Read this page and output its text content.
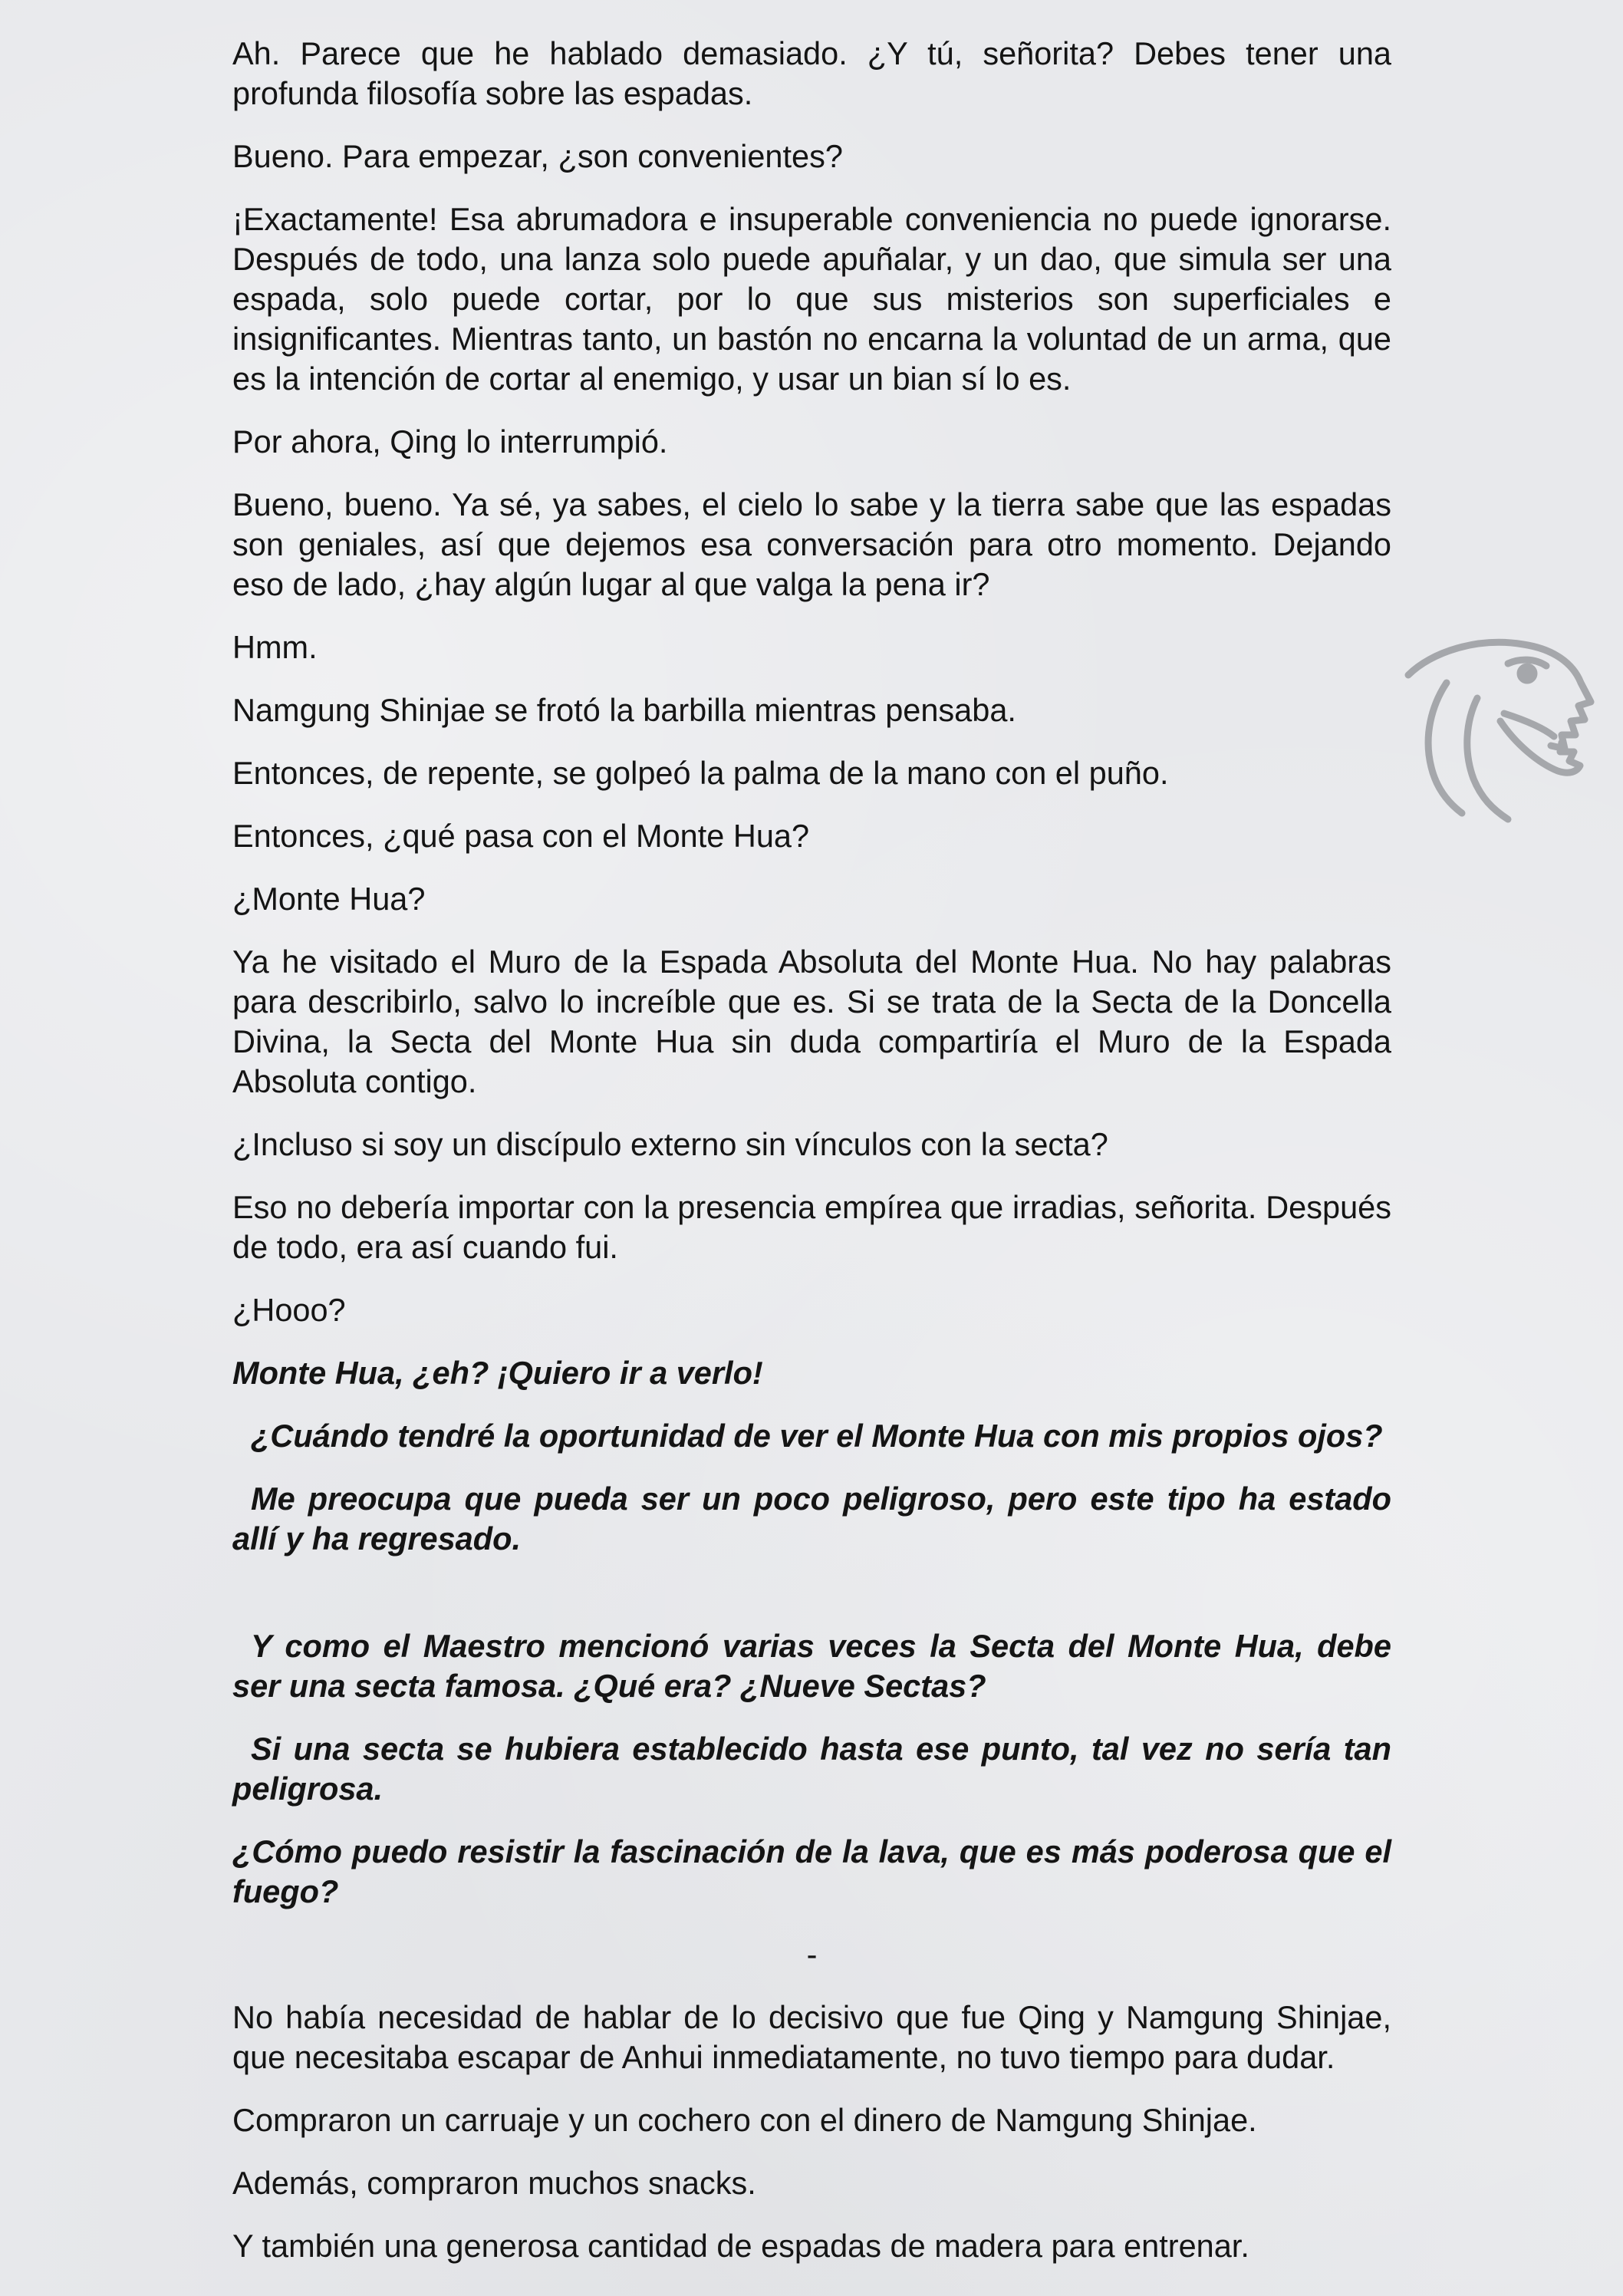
Ah. Parece que he hablado demasiado. ¿Y tú, señorita? Debes tener una profunda filosofía sobre las espadas.

Bueno. Para empezar, ¿son convenientes?

¡Exactamente! Esa abrumadora e insuperable conveniencia no puede ignorarse. Después de todo, una lanza solo puede apuñalar, y un dao, que simula ser una espada, solo puede cortar, por lo que sus misterios son superficiales e insignificantes. Mientras tanto, un bastón no encarna la voluntad de un arma, que es la intención de cortar al enemigo, y usar un bian sí lo es.

Por ahora, Qing lo interrumpió.

Bueno, bueno. Ya sé, ya sabes, el cielo lo sabe y la tierra sabe que las espadas son geniales, así que dejemos esa conversación para otro momento. Dejando eso de lado, ¿hay algún lugar al que valga la pena ir?

Hmm.

Namgung Shinjae se frotó la barbilla mientras pensaba.

Entonces, de repente, se golpeó la palma de la mano con el puño.

Entonces, ¿qué pasa con el Monte Hua?

¿Monte Hua?

Ya he visitado el Muro de la Espada Absoluta del Monte Hua. No hay palabras para describirlo, salvo lo increíble que es. Si se trata de la Secta de la Doncella Divina, la Secta del Monte Hua sin duda compartiría el Muro de la Espada Absoluta contigo.

¿Incluso si soy un discípulo externo sin vínculos con la secta?

Eso no debería importar con la presencia empírea que irradias, señorita. Después de todo, era así cuando fui.

¿Hooo?

Monte Hua, ¿eh? ¡Quiero ir a verlo!

¿Cuándo tendré la oportunidad de ver el Monte Hua con mis propios ojos?

Me preocupa que pueda ser un poco peligroso, pero este tipo ha estado allí y ha regresado.

Y como el Maestro mencionó varias veces la Secta del Monte Hua, debe ser una secta famosa. ¿Qué era? ¿Nueve Sectas?

Si una secta se hubiera establecido hasta ese punto, tal vez no sería tan peligrosa.

¿Cómo puedo resistir la fascinación de la lava, que es más poderosa que el fuego?

-

No había necesidad de hablar de lo decisivo que fue Qing y Namgung Shinjae, que necesitaba escapar de Anhui inmediatamente, no tuvo tiempo para dudar.

Compraron un carruaje y un cochero con el dinero de Namgung Shinjae.

Además, compraron muchos snacks.

Y también una generosa cantidad de espadas de madera para entrenar.
